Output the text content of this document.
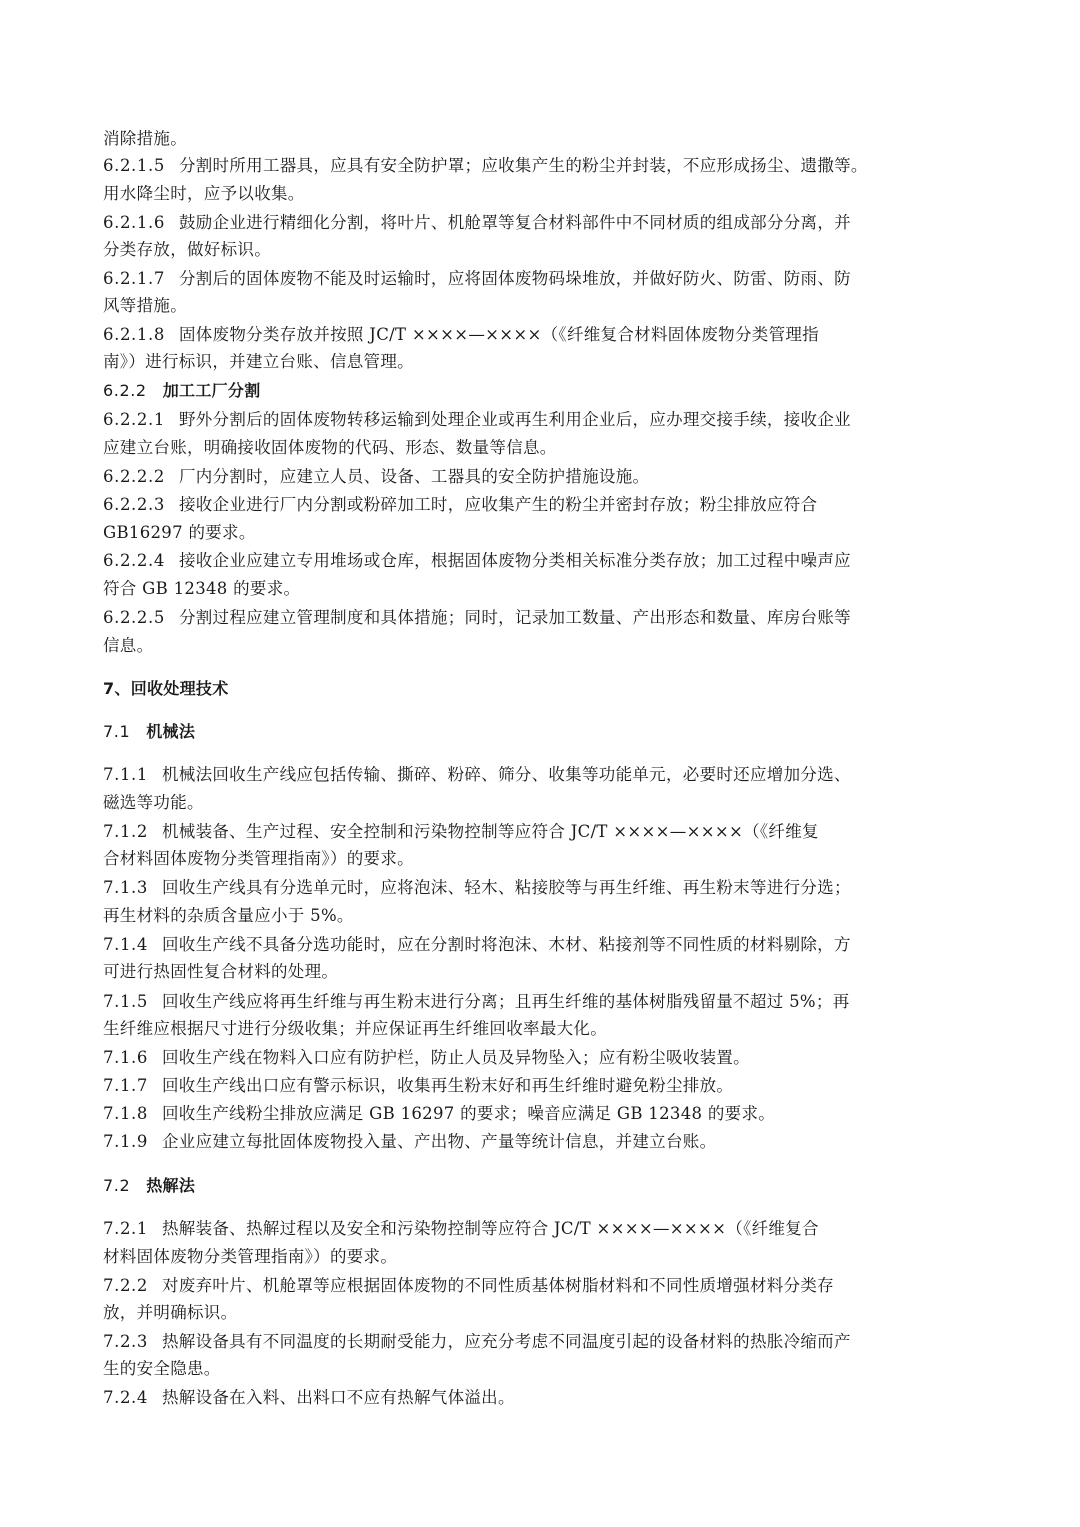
消除措施。
6.2.1.5 分割时所用工器具，应具有安全防护罩；应收集产生的粉尘并封装，不应形成扬尘、遗撒等。
用水降尘时，应予以收集。
6.2.1.6 鼓励企业进行精细化分割，将叶片、机舱罩等复合材料部件中不同材质的组成部分分离，并
分类存放，做好标识。
6.2.1.7 分割后的固体废物不能及时运输时，应将固体废物码垛堆放，并做好防火、防雷、防雨、防
风等措施。
6.2.1.8 固体废物分类存放并按照 JC/T ××××—××××（《纤维复合材料固体废物分类管理指
南》）进行标识，并建立台账、信息管理。
6.2.2 加工工厂分割
6.2.2.1 野外分割后的固体废物转移运输到处理企业或再生利用企业后，应办理交接手续，接收企业
应建立台账，明确接收固体废物的代码、形态、数量等信息。
6.2.2.2 厂内分割时，应建立人员、设备、工器具的安全防护措施设施。
6.2.2.3 接收企业进行厂内分割或粉碎加工时，应收集产生的粉尘并密封存放；粉尘排放应符合
GB16297 的要求。
6.2.2.4 接收企业应建立专用堆场或仓库，根据固体废物分类相关标准分类存放；加工过程中噪声应
符合 GB 12348 的要求。
6.2.2.5 分割过程应建立管理制度和具体措施；同时，记录加工数量、产出形态和数量、库房台账等
信息。
7、回收处理技术
7.1 机械法
7.1.1 机械法回收生产线应包括传输、撕碎、粉碎、筛分、收集等功能单元，必要时还应增加分选、
磁选等功能。
7.1.2 机械装备、生产过程、安全控制和污染物控制等应符合 JC/T ××××—××××（《纤维复
合材料固体废物分类管理指南》）的要求。
7.1.3 回收生产线具有分选单元时，应将泡沫、轻木、粘接胶等与再生纤维、再生粉末等进行分选；
再生材料的杂质含量应小于 5%。
7.1.4 回收生产线不具备分选功能时，应在分割时将泡沫、木材、粘接剂等不同性质的材料剔除，方
可进行热固性复合材料的处理。
7.1.5 回收生产线应将再生纤维与再生粉末进行分离；且再生纤维的基体树脂残留量不超过 5%；再
生纤维应根据尺寸进行分级收集；并应保证再生纤维回收率最大化。
7.1.6 回收生产线在物料入口应有防护栏，防止人员及异物坠入；应有粉尘吸收装置。
7.1.7 回收生产线出口应有警示标识，收集再生粉末好和再生纤维时避免粉尘排放。
7.1.8 回收生产线粉尘排放应满足 GB 16297 的要求；噪音应满足 GB 12348 的要求。
7.1.9 企业应建立每批固体废物投入量、产出物、产量等统计信息，并建立台账。
7.2 热解法
7.2.1 热解装备、热解过程以及安全和污染物控制等应符合 JC/T ××××—××××（《纤维复合
材料固体废物分类管理指南》）的要求。
7.2.2 对废弃叶片、机舱罩等应根据固体废物的不同性质基体树脂材料和不同性质增强材料分类存
放，并明确标识。
7.2.3 热解设备具有不同温度的长期耐受能力，应充分考虑不同温度引起的设备材料的热胀冷缩而产
生的安全隐患。
7.2.4 热解设备在入料、出料口不应有热解气体溢出。
